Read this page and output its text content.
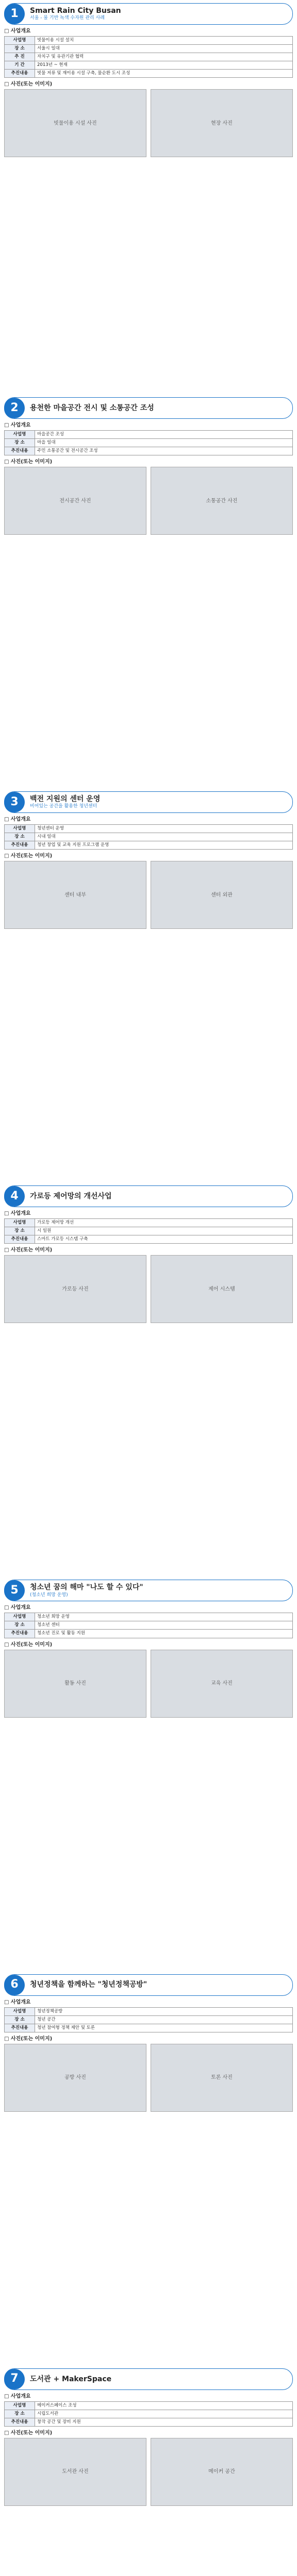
1	Smart Rain City Busan
서울 - 물 기반 녹색 수자원 관리 사례
□ 사업개요
사업명	빗물이용 시설 설치
장 소	서울시 일대
추 진	자치구 및 유관기관 협력
기 간	2013년 ~ 현재
추진내용	빗물 저류 및 재이용 시설 구축, 물순환 도시 조성
□ 사진(또는 이미지)
빗물이용 시설 사진	현장 사진
2	용천한 마을공간 전시 및 소통공간 조성
□ 사업개요
사업명	마을공간 조성
장 소	마을 일대
추진내용	주민 소통공간 및 전시공간 조성
□ 사진(또는 이미지)
전시공간 사진	소통공간 사진
3	백전 지원의 센터 운영
비어있는 공간을 활용한 청년센터
□ 사업개요
사업명	청년센터 운영
장 소	시내 일대
추진내용	청년 창업 및 교육 지원 프로그램 운영
□ 사진(또는 이미지)
센터 내부	센터 외관
4	가로등 제어망의 개선사업
□ 사업개요
사업명	가로등 제어망 개선
장 소	시 일원
추진내용	스마트 가로등 시스템 구축
□ 사진(또는 이미지)
가로등 사진	제어 시스템
5	청소년 꿈의 해마 "나도 할 수 있다"
(청소년 희망 운영)
□ 사업개요
사업명	청소년 희망 운영
장 소	청소년 센터
추진내용	청소년 진로 및 활동 지원
□ 사진(또는 이미지)
활동 사진	교육 사진
6	청년정책을 함께하는 "청년정책공방"
□ 사업개요
사업명	청년정책공방
장 소	청년 공간
추진내용	청년 참여형 정책 제안 및 토론
□ 사진(또는 이미지)
공방 사진	토론 사진
7	도서관 + MakerSpace
□ 사업개요
사업명	메이커스페이스 조성
장 소	시립도서관
추진내용	창작 공간 및 장비 지원
□ 사진(또는 이미지)
도서관 사진	메이커 공간
